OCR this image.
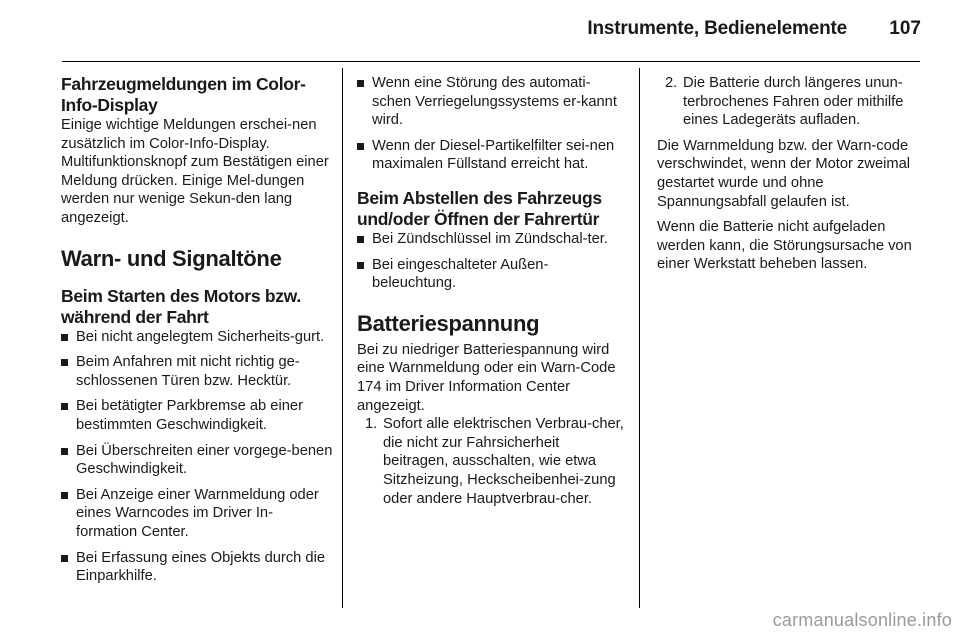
Instrumente, Bedienelemente 107
Fahrzeugmeldungen im Color-Info-Display

Einige wichtige Meldungen erschei-nen zusätzlich im Color-Info-Display. Multifunktionsknopf zum Bestätigen einer Meldung drücken. Einige Mel-dungen werden nur wenige Sekun-den lang angezeigt.

Warn- und Signaltöne
Beim Starten des Motors bzw. während der Fahrt
Bei nicht angelegtem Sicherheits-gurt.
Beim Anfahren mit nicht richtig ge-schlossenen Türen bzw. Hecktür.
Bei betätigter Parkbremse ab einer bestimmten Geschwindigkeit.
Bei Überschreiten einer vorgege-benen Geschwindigkeit.
Bei Anzeige einer Warnmeldung oder eines Warncodes im Driver In-formation Center.
Bei Erfassung eines Objekts durch die Einparkhilfe.
Wenn eine Störung des automati-schen Verriegelungssystems er-kannt wird.
Wenn der Diesel-Partikelfilter sei-nen maximalen Füllstand erreicht hat.
Beim Abstellen des Fahrzeugs und/oder Öffnen der Fahrertür
Bei Zündschlüssel im Zündschal-ter.
Bei eingeschalteter Außen-beleuchtung.
Batteriespannung

Bei zu niedriger Batteriespannung wird eine Warnmeldung oder ein Warn-Code 174 im Driver Information Center angezeigt.

1. Sofort alle elektrischen Verbrau-cher, die nicht zur Fahrsicherheit beitragen, ausschalten, wie etwa Sitzheizung, Heckscheibenhei-zung oder andere Hauptverbrau-cher.
2. Die Batterie durch längeres unun-terbrochenes Fahren oder mithilfe eines Ladegeräts aufladen.

Die Warnmeldung bzw. der Warn-code verschwindet, wenn der Motor zweimal gestartet wurde und ohne Spannungsabfall gelaufen ist.

Wenn die Batterie nicht aufgeladen werden kann, die Störungsursache von einer Werkstatt beheben lassen.

carmanualsonline.info
